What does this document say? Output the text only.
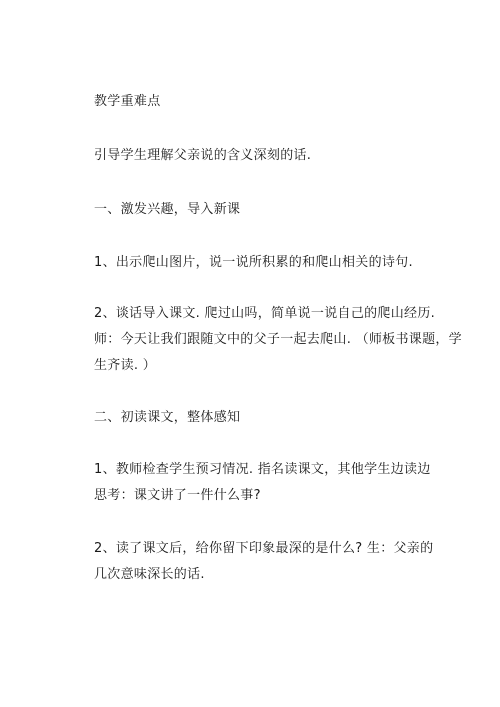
教学重难点
引导学生理解父亲说的含义深刻的话.
一、激发兴趣，导入新课
1、出示爬山图片，说一说所积累的和爬山相关的诗句.
2、谈话导入课文. 爬过山吗，简单说一说自己的爬山经历.
师：今天让我们跟随文中的父子一起去爬山. （师板书课题，学
生齐读. ）
二、初读课文，整体感知
1、教师检查学生预习情况. 指名读课文，其他学生边读边
思考：课文讲了一件什么事?
2、读了课文后，给你留下印象最深的是什么? 生：父亲的
几次意味深长的话.
